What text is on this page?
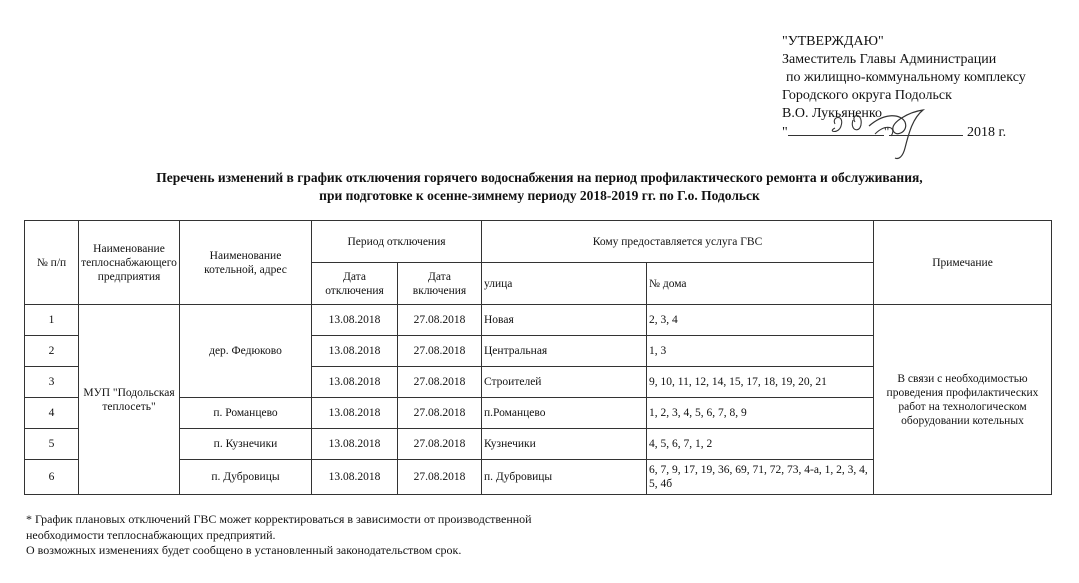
"УТВЕРЖДАЮ"
Заместитель Главы Администрации
по жилищно-коммунальному комплексу
Городского округа Подольск
В.О. Лукьяненко
"	"	2018 г.
Перечень изменений в график отключения горячего водоснабжения на период профилактического ремонта и обслуживания,
при подготовке к осенне-зимнему периоду 2018-2019 гг. по Г.о. Подольск
№ п/п	Наименование теплоснабжающего предприятия	Наименование котельной, адрес	Период отключения		Кому предоставляется услуга ГВС		Примечание
			Дата отключения	Дата включения	улица	№ дома	
1	МУП "Подольская теплосеть"	дер. Федюково	13.08.2018	27.08.2018	Новая	2, 3, 4	В связи с необходимостью проведения профилактических работ на технологическом оборудовании котельных
2			13.08.2018	27.08.2018	Центральная	1, 3	
3			13.08.2018	27.08.2018	Строителей	9, 10, 11, 12, 14, 15, 17, 18, 19, 20, 21	
4		п. Романцево	13.08.2018	27.08.2018	п.Романцево	1, 2, 3, 4, 5, 6, 7, 8, 9	
5		п. Кузнечики	13.08.2018	27.08.2018	Кузнечики	4, 5, 6, 7, 1, 2	
6		п. Дубровицы	13.08.2018	27.08.2018	п. Дубровицы	6, 7, 9, 17, 19, 36, 69, 71, 72, 73, 4-а, 1, 2, 3, 4, 5, 4б	
* График плановых отключений ГВС может корректироваться в зависимости от производственной
необходимости теплоснабжающих предприятий.
О возможных изменениях будет сообщено в установленный законодательством срок.
